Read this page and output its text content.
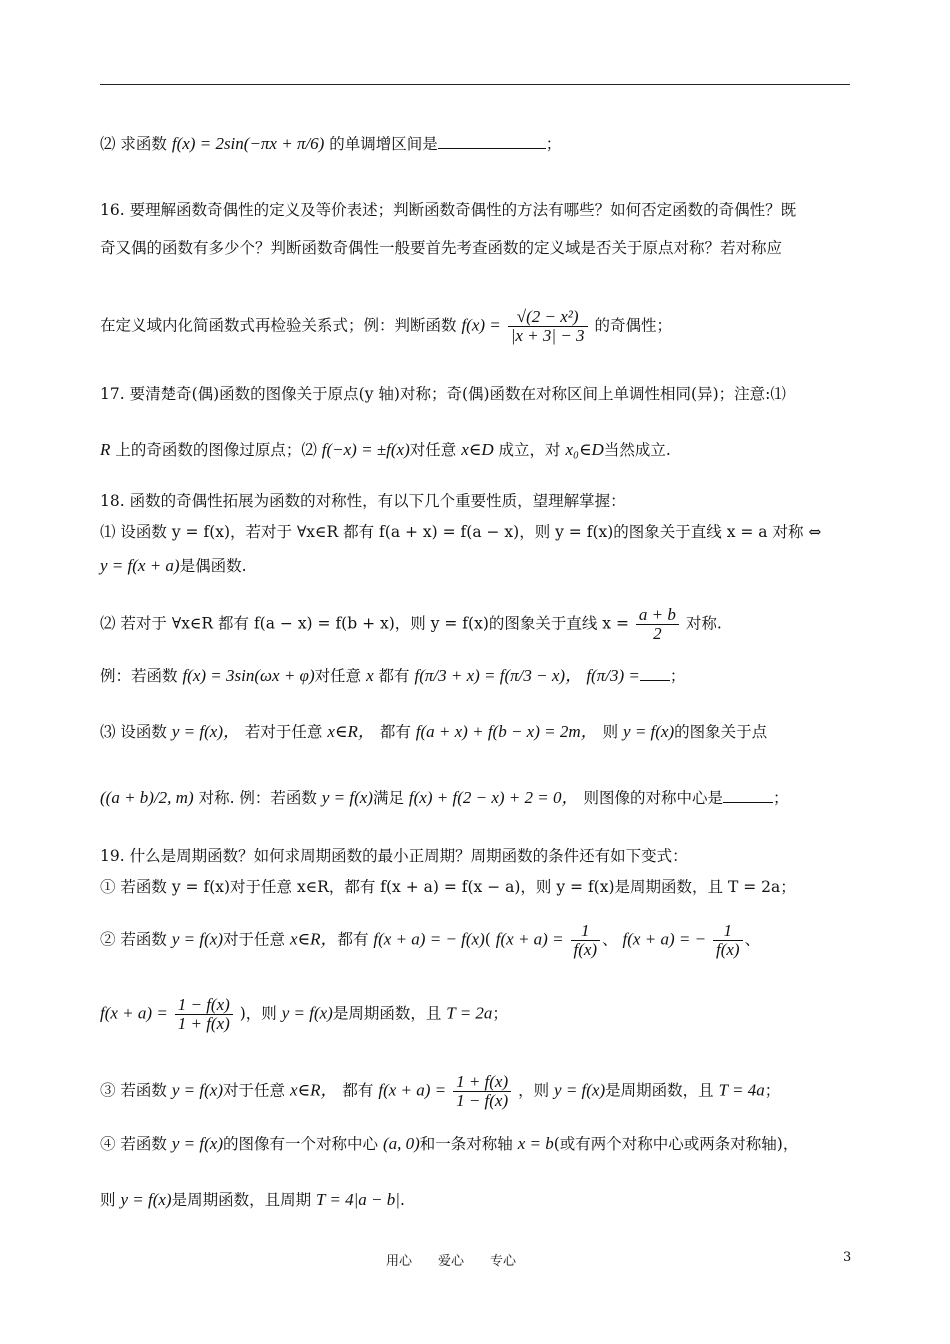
⑵ 求函数 f(x) = 2sin(−πx + π/6) 的单调增区间是	；
16. 要理解函数奇偶性的定义及等价表述；判断函数奇偶性的方法有哪些？如何否定函数的奇偶性？既
奇又偶的函数有多少个？判断函数奇偶性一般要首先考查函数的定义域是否关于原点对称？若对称应
在定义域内化简函数式再检验关系式；例：判断函数 $f(x) = \frac{\text{√(2 − x²)}}{|x + 3| - 3}$ 的奇偶性；
17. 要清楚奇(偶)函数的图像关于原点(y 轴)对称；奇(偶)函数在对称区间上单调性相同(异)；注意:⑴
R 上的奇函数的图像过原点；⑵ f(−x) = ±f(x)对任意 x∈D 成立，对 x₀∈D当然成立.
18. 函数的奇偶性拓展为函数的对称性，有以下几个重要性质，望理解掌握：
⑴ 设函数 y = f(x)，若对于 ∀x∈R 都有 f(a + x) = f(a − x)，则 y = f(x)的图象关于直线 x = a 对称 ⇔
y = f(x + a)是偶函数.
⑵ 若对于 ∀x∈R 都有 f(a − x) = f(b + x)，则 y = f(x)的图象关于直线 $x = \frac{a + b}{2}$ 对称.
例：若函数 f(x) = 3sin(ωx + φ)对任意 x 都有 f(π/3 + x) = f(π/3 − x)， f(π/3) = ；
⑶ 设函数 y = f(x)， 若对于任意 x∈R， 都有 f(a + x) + f(b − x) = 2m， 则 y = f(x)的图象关于点
((a + b)/2, m) 对称. 例：若函数 y = f(x)满足 f(x) + f(2 − x) + 2 = 0， 则图像的对称中心是	；
19. 什么是周期函数？如何求周期函数的最小正周期？周期函数的条件还有如下变式：
① 若函数 y = f(x)对于任意 x∈R，都有 f(x + a) = f(x − a)，则 y = f(x)是周期函数，且 T = 2a；
② 若函数 y = f(x)对于任意 x∈R，都有 f(x + a) = − f(x)( $f(x + a) = \frac{1}{f(x)}$ 、 f(x + a) = − $\frac{1}{f(x)}$ 、
$f(x + a) = \frac{1 - f(x)}{1 + f(x)}$ )，则 y = f(x)是周期函数，且 T = 2a；
③ 若函数 y = f(x)对于任意 x∈R， 都有 $f(x + a) = \frac{1 + f(x)}{1 - f(x)}$ ，则 y = f(x)是周期函数，且 T = 4a；
④ 若函数 y = f(x)的图像有一个对称中心 (a, 0)和一条对称轴 x = b(或有两个对称中心或两条对称轴)，
则 y = f(x)是周期函数，且周期 T = 4|a − b|.
用心　　爱心　　专心	3
